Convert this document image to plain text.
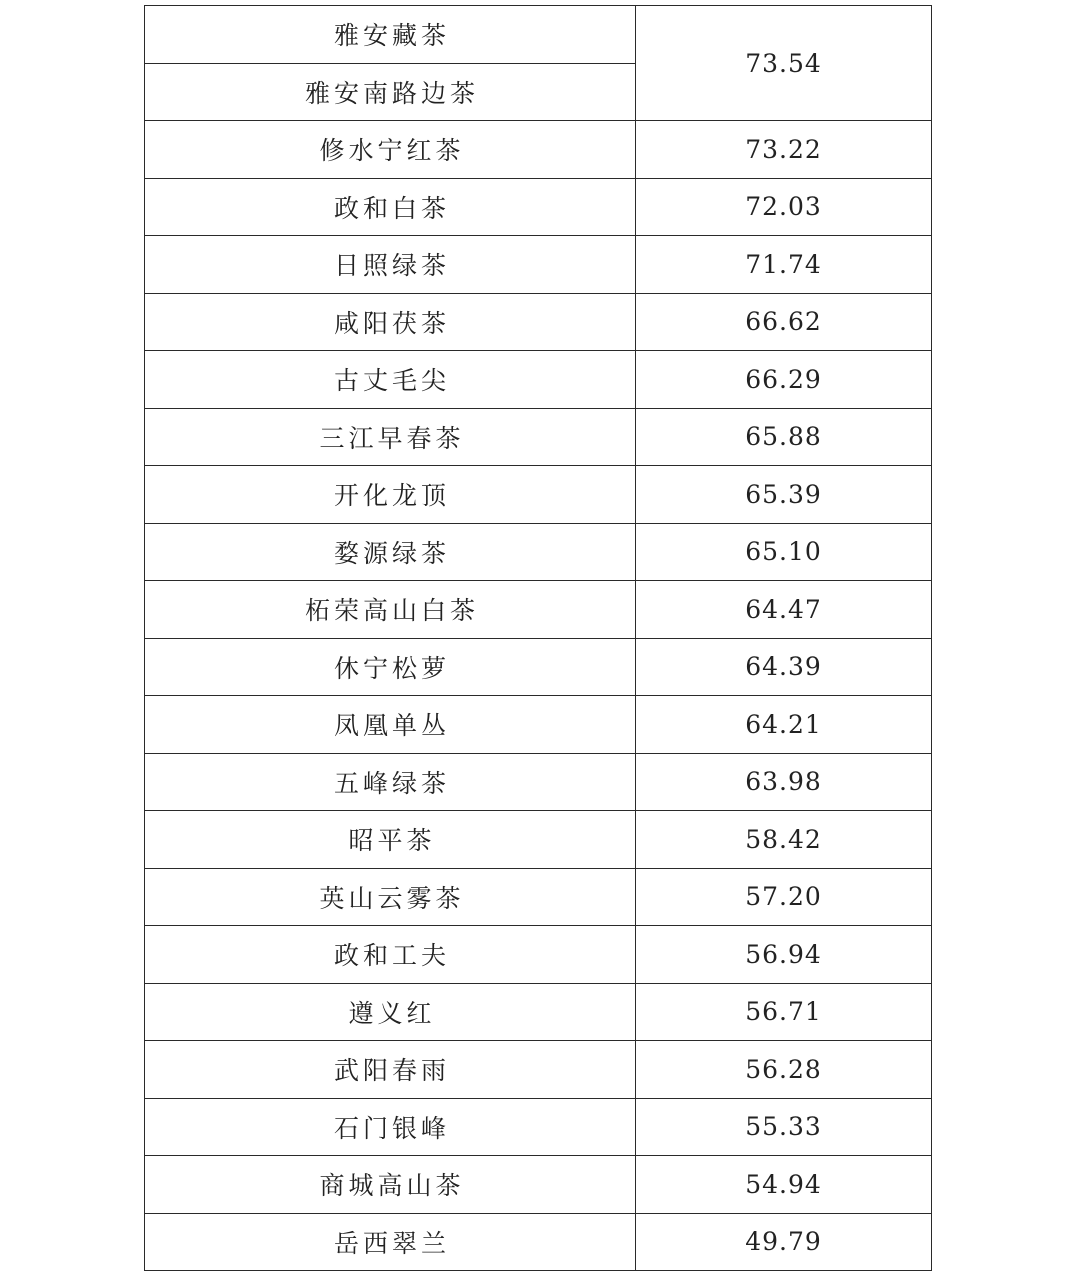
雅安藏茶	73.54
雅安南路边茶	
修水宁红茶	73.22
政和白茶	72.03
日照绿茶	71.74
咸阳茯茶	66.62
古丈毛尖	66.29
三江早春茶	65.88
开化龙顶	65.39
婺源绿茶	65.10
柘荣高山白茶	64.47
休宁松萝	64.39
凤凰单丛	64.21
五峰绿茶	63.98
昭平茶	58.42
英山云雾茶	57.20
政和工夫	56.94
遵义红	56.71
武阳春雨	56.28
石门银峰	55.33
商城高山茶	54.94
岳西翠兰	49.79
